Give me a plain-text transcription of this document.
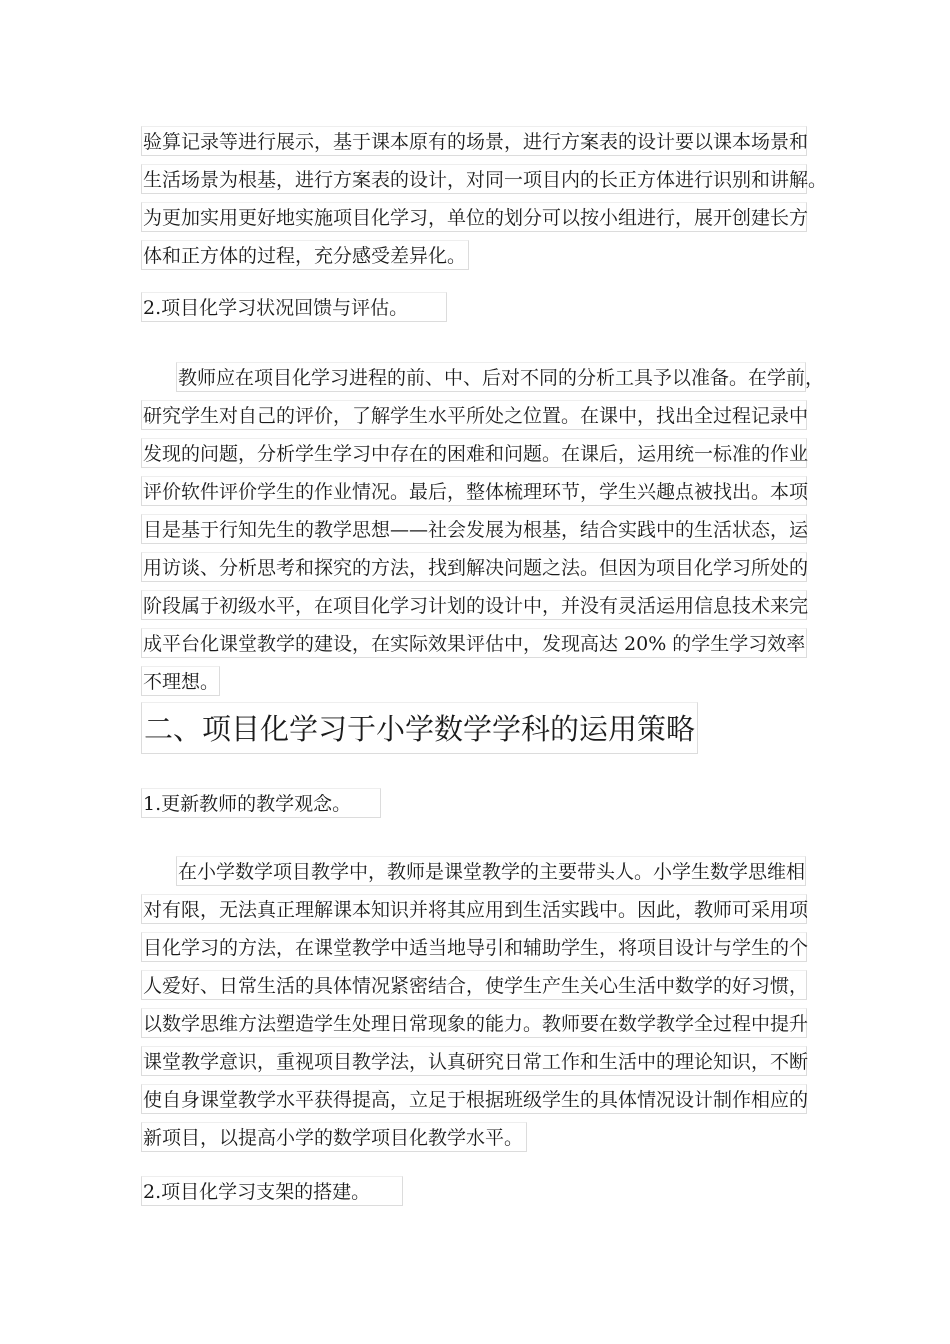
验算记录等进行展示，基于课本原有的场景，进行方案表的设计要以课本场景和
生活场景为根基，进行方案表的设计，对同一项目内的长正方体进行识别和讲解。
为更加实用更好地实施项目化学习，单位的划分可以按小组进行，展开创建长方
体和正方体的过程，充分感受差异化。
2.项目化学习状况回馈与评估。
教师应在项目化学习进程的前、中、后对不同的分析工具予以准备。在学前，
研究学生对自己的评价，了解学生水平所处之位置。在课中，找出全过程记录中
发现的问题，分析学生学习中存在的困难和问题。在课后，运用统一标准的作业
评价软件评价学生的作业情况。最后，整体梳理环节，学生兴趣点被找出。本项
目是基于行知先生的教学思想——社会发展为根基，结合实践中的生活状态，运
用访谈、分析思考和探究的方法，找到解决问题之法。但因为项目化学习所处的
阶段属于初级水平，在项目化学习计划的设计中，并没有灵活运用信息技术来完
成平台化课堂教学的建设，在实际效果评估中，发现高达 20% 的学生学习效率
不理想。
二、项目化学习于小学数学学科的运用策略
1.更新教师的教学观念。
在小学数学项目教学中，教师是课堂教学的主要带头人。小学生数学思维相
对有限，无法真正理解课本知识并将其应用到生活实践中。因此，教师可采用项
目化学习的方法，在课堂教学中适当地导引和辅助学生，将项目设计与学生的个
人爱好、日常生活的具体情况紧密结合，使学生产生关心生活中数学的好习惯，
以数学思维方法塑造学生处理日常现象的能力。教师要在数学教学全过程中提升
课堂教学意识，重视项目教学法，认真研究日常工作和生活中的理论知识，不断
使自身课堂教学水平获得提高，立足于根据班级学生的具体情况设计制作相应的
新项目，以提高小学的数学项目化教学水平。
2.项目化学习支架的搭建。
